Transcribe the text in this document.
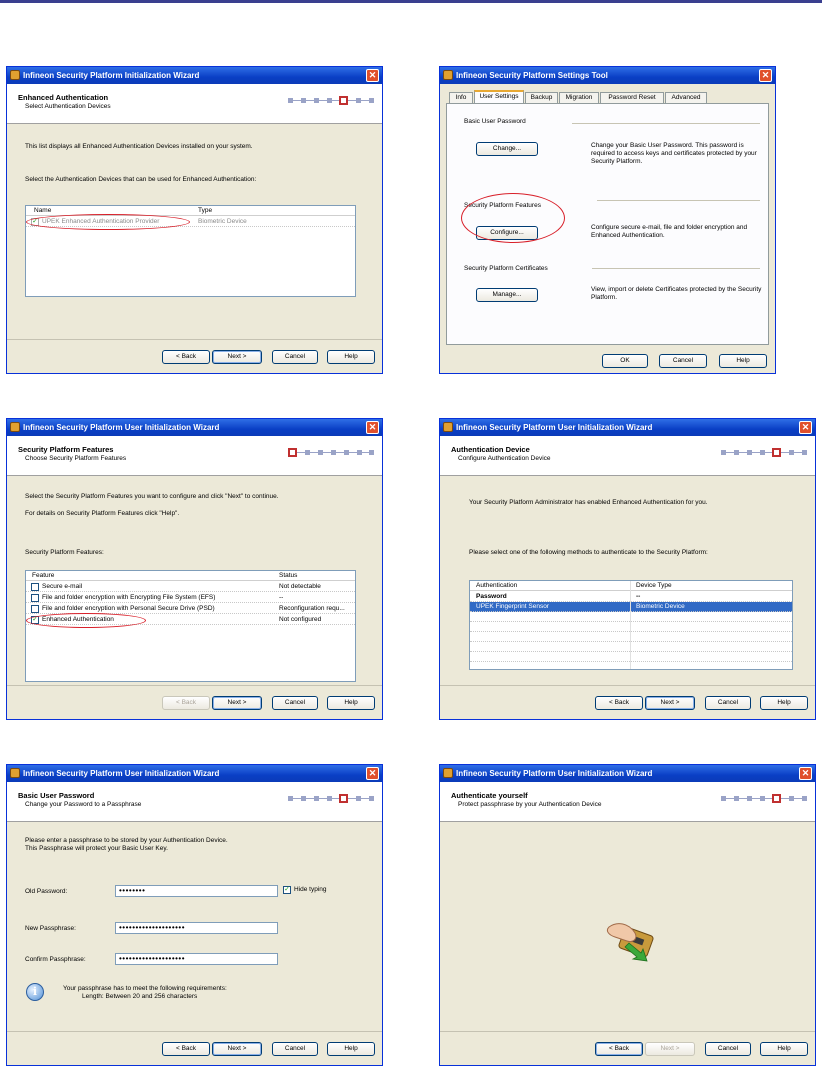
Infineon Security Platform Initialization Wizard	✕
Enhanced Authentication
Select Authentication Devices
This list displays all Enhanced Authentication Devices installed on your system.
Select the Authentication Devices that can be used for Enhanced Authentication:
Name	Type
✓ UPEK Enhanced Authentication Provider	Biometric Device
< Back	Next >	Cancel	Help
Infineon Security Platform Settings Tool	✕
Info	User Settings	Backup	Migration	Password Reset	Advanced
Basic User Password
Change...	Change your Basic User Password. This password is required to access keys and certificates protected by your Security Platform.
Security Platform Features
Configure...
Configure secure e-mail, file and folder encryption and Enhanced Authentication.
Security Platform Certificates
Manage...
View, import or delete Certificates protected by the Security Platform.
OK	Cancel	Help
Infineon Security Platform User Initialization Wizard	✕
Security Platform Features
Choose Security Platform Features
Select the Security Platform Features you want to configure and click "Next" to continue.
For details on Security Platform Features click "Help".
Security Platform Features:
Feature	Status
Secure e-mail	Not detectable
File and folder encryption with Encrypting File System (EFS)	--
File and folder encryption with Personal Secure Drive (PSD)	Reconfiguration requ...
✓ Enhanced Authentication	Not configured
< Back	Next >	Cancel	Help
Infineon Security Platform User Initialization Wizard	✕
Authentication Device
Configure Authentication Device
Your Security Platform Administrator has enabled Enhanced Authentication for you.
Please select one of the following methods to authenticate to the Security Platform:
Authentication	Device Type
Password	--
UPEK Fingerprint Sensor	Biometric Device
< Back	Next >	Cancel	Help
Infineon Security Platform User Initialization Wizard	✕
Basic User Password
Change your Password to a Passphrase
Please enter a passphrase to be stored by your Authentication Device.
This Passphrase will protect your Basic User Key.
Old Password:	••••••••	✓ Hide typing
New Passphrase:	••••••••••••••••••••
Confirm Passphrase:	••••••••••••••••••••
i	Your passphrase has to meet the following requirements:
Length: Between 20 and 256 characters
< Back	Next >	Cancel	Help
Infineon Security Platform User Initialization Wizard	✕
Authenticate yourself
Protect passphrase by your Authentication Device
< Back	Next >	Cancel	Help
